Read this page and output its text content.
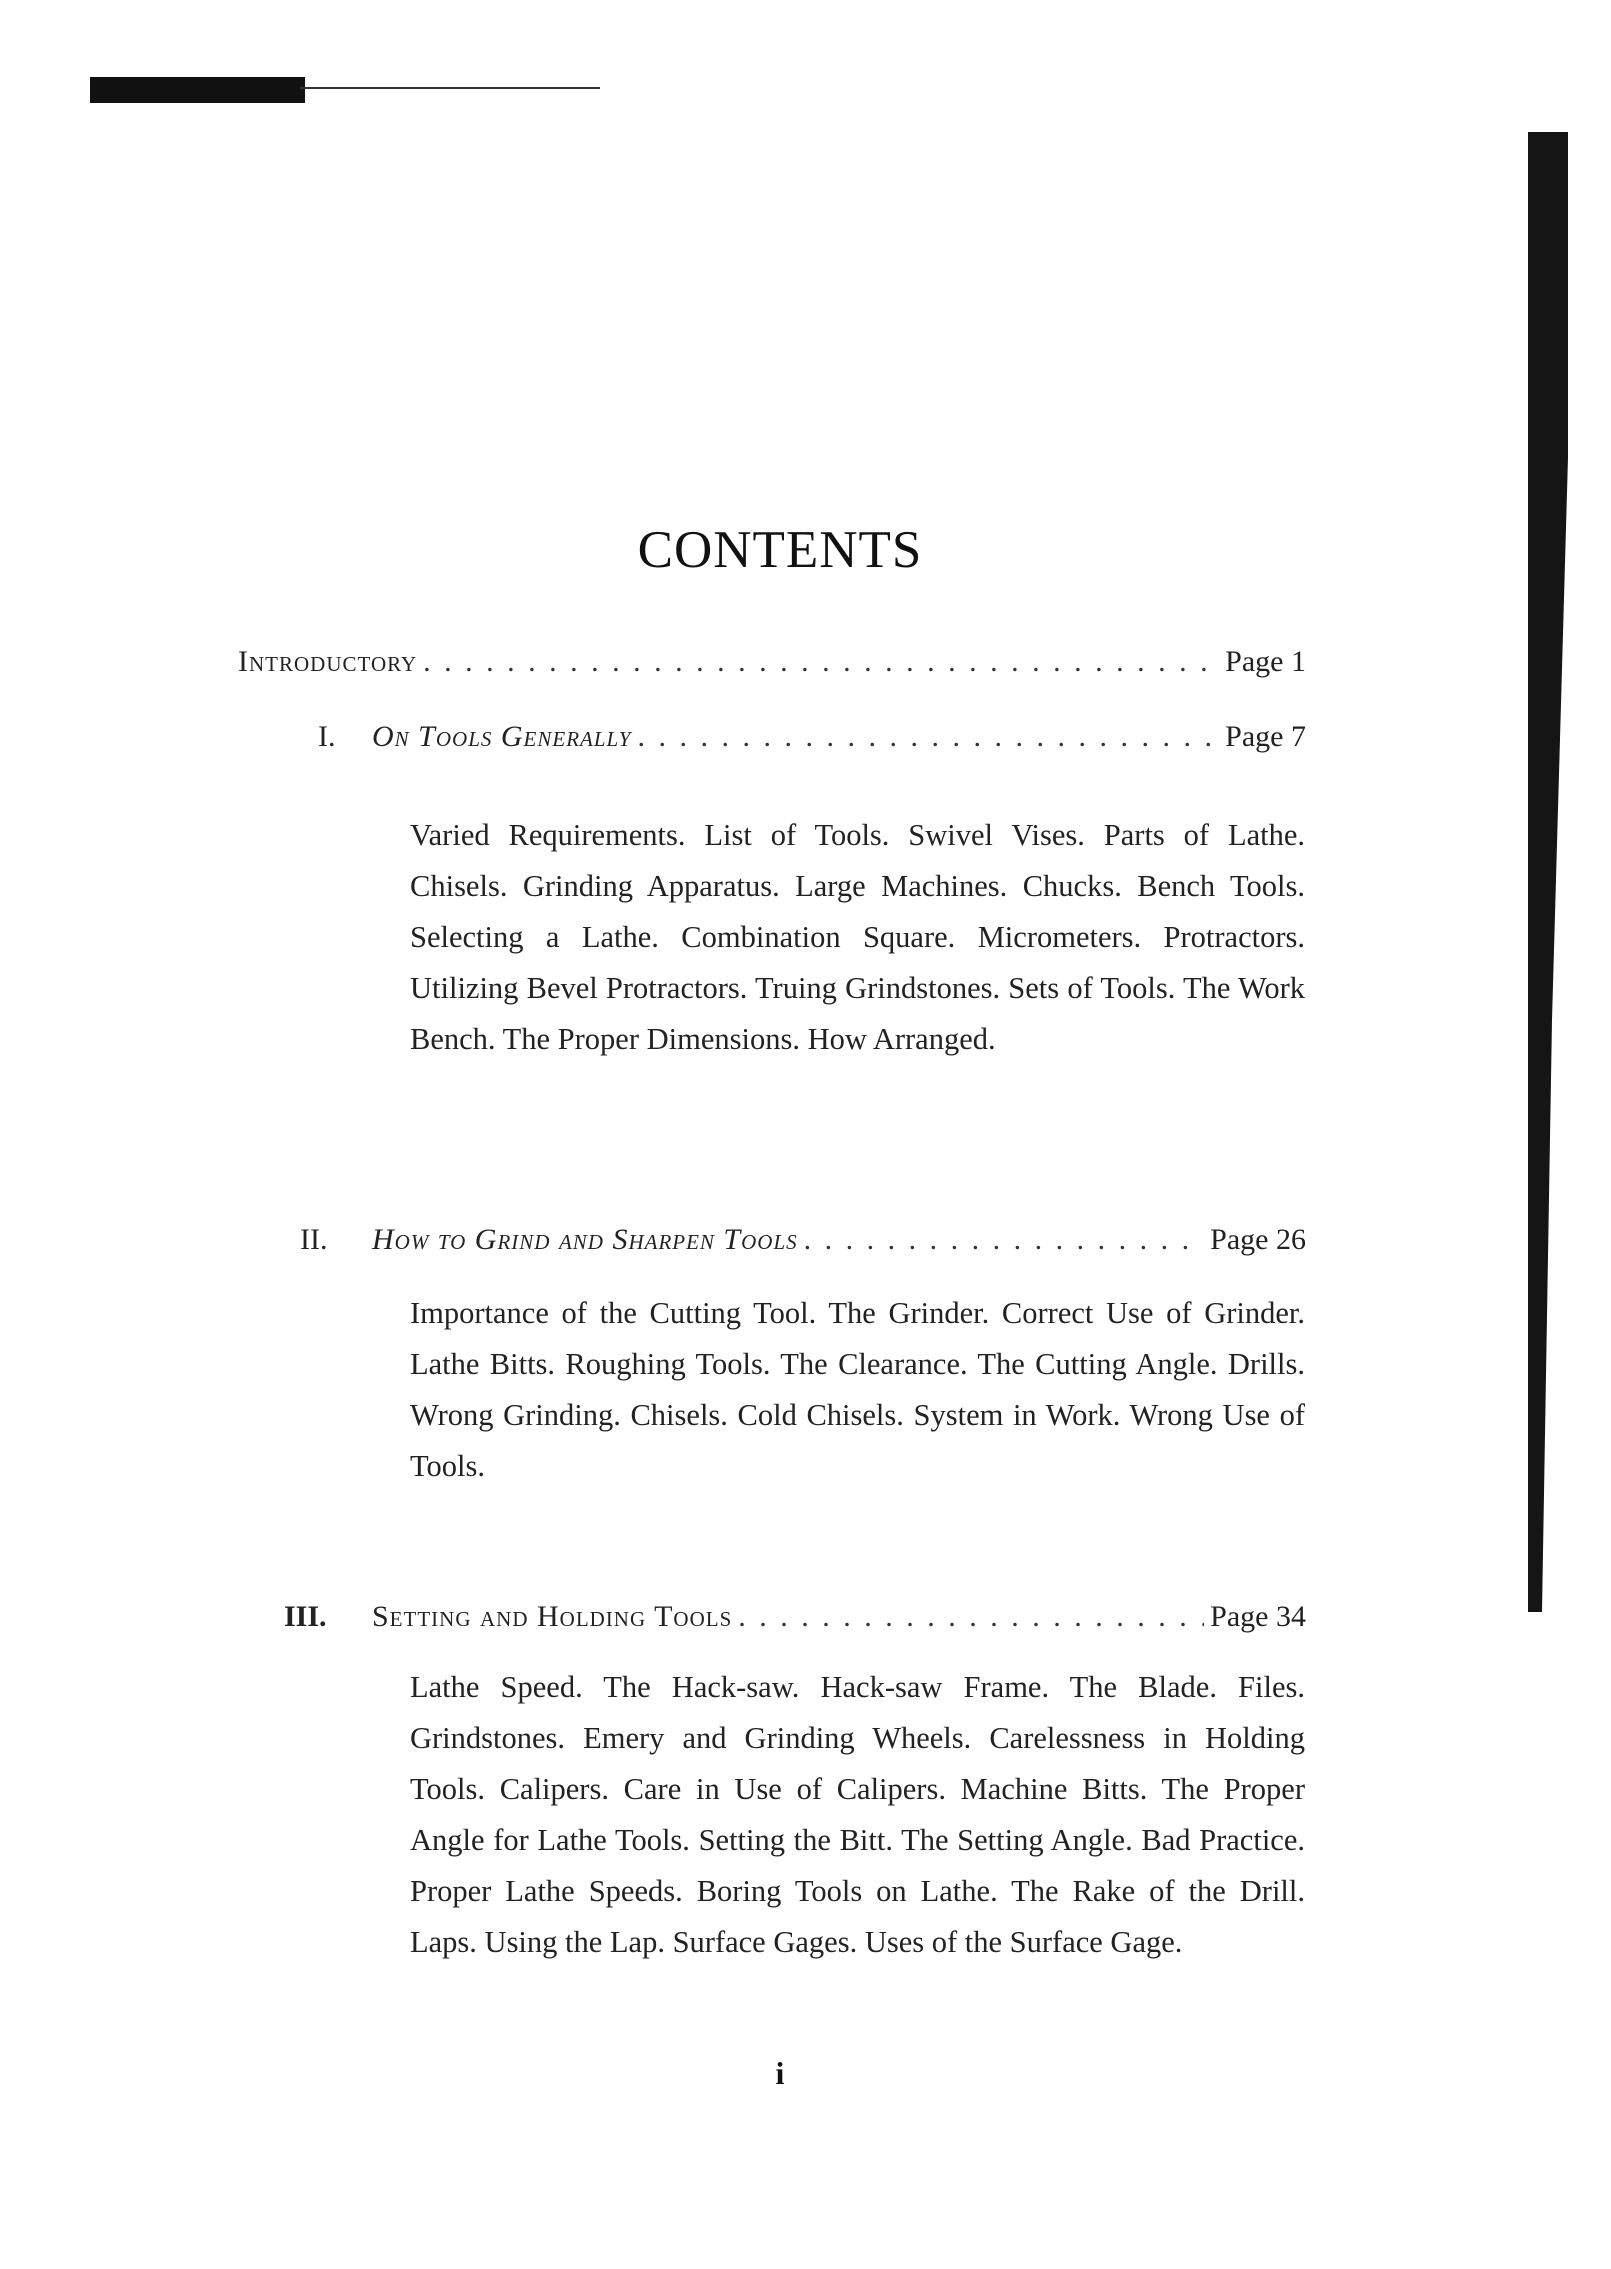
CONTENTS
Introductory . . .	Page 1
I. On Tools Generally . . .	Page 7
Varied Requirements. List of Tools. Swivel Vises. Parts of Lathe. Chisels. Grinding Apparatus. Large Machines. Chucks. Bench Tools. Selecting a Lathe. Combination Square. Micrometers. Protractors. Utilizing Bevel Protractors. Truing Grindstones. Sets of Tools. The Work Bench. The Proper Dimensions. How Arranged.
II. How to Grind and Sharpen Tools . . .	Page 26
Importance of the Cutting Tool. The Grinder. Correct Use of Grinder. Lathe Bitts. Roughing Tools. The Clearance. The Cutting Angle. Drills. Wrong Grinding. Chisels. Cold Chisels. System in Work. Wrong Use of Tools.
III. Setting and Holding Tools . . .	Page 34
Lathe Speed. The Hack-saw. Hack-saw Frame. The Blade. Files. Grindstones. Emery and Grinding Wheels. Carelessness in Holding Tools. Calipers. Care in Use of Calipers. Machine Bitts. The Proper Angle for Lathe Tools. Setting the Bitt. The Setting Angle. Bad Practice. Proper Lathe Speeds. Boring Tools on Lathe. The Rake of the Drill. Laps. Using the Lap. Surface Gages. Uses of the Surface Gage.
i
